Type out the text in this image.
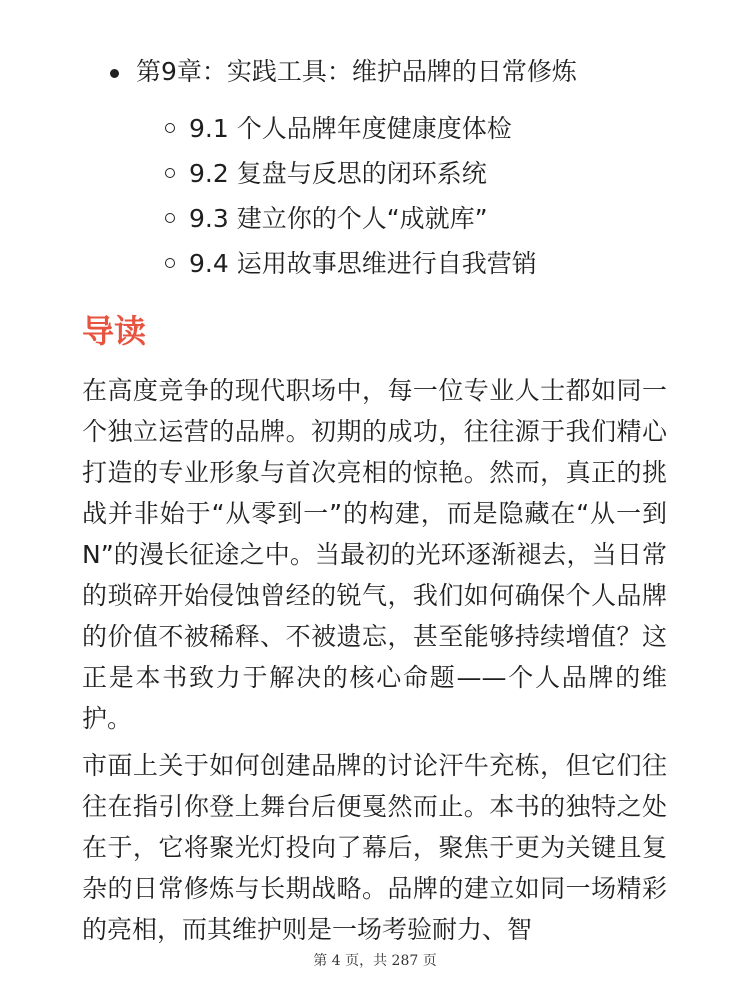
第9章：实践工具：维护品牌的日常修炼
9.1 个人品牌年度健康度体检
9.2 复盘与反思的闭环系统
9.3 建立你的个人“成就库”
9.4 运用故事思维进行自我营销
导读

在高度竞争的现代职场中，每一位专业人士都如同一个独立运营的品牌。初期的成功，往往源于我们精心打造的专业形象与首次亮相的惊艳。然而，真正的挑战并非始于“从零到一”的构建，而是隐藏在“从一到N”的漫长征途之中。当最初的光环逐渐褪去，当日常的琐碎开始侵蚀曾经的锐气，我们如何确保个人品牌的价值不被稀释、不被遗忘，甚至能够持续增值？这正是本书致力于解决的核心命题——个人品牌的维护。

市面上关于如何创建品牌的讨论汗牛充栋，但它们往往在指引你登上舞台后便戛然而止。本书的独特之处在于，它将聚光灯投向了幕后，聚焦于更为关键且复杂的日常修炼与长期战略。品牌的建立如同一场精彩的亮相，而其维护则是一场考验耐力、智

第 4 页，共 287 页
